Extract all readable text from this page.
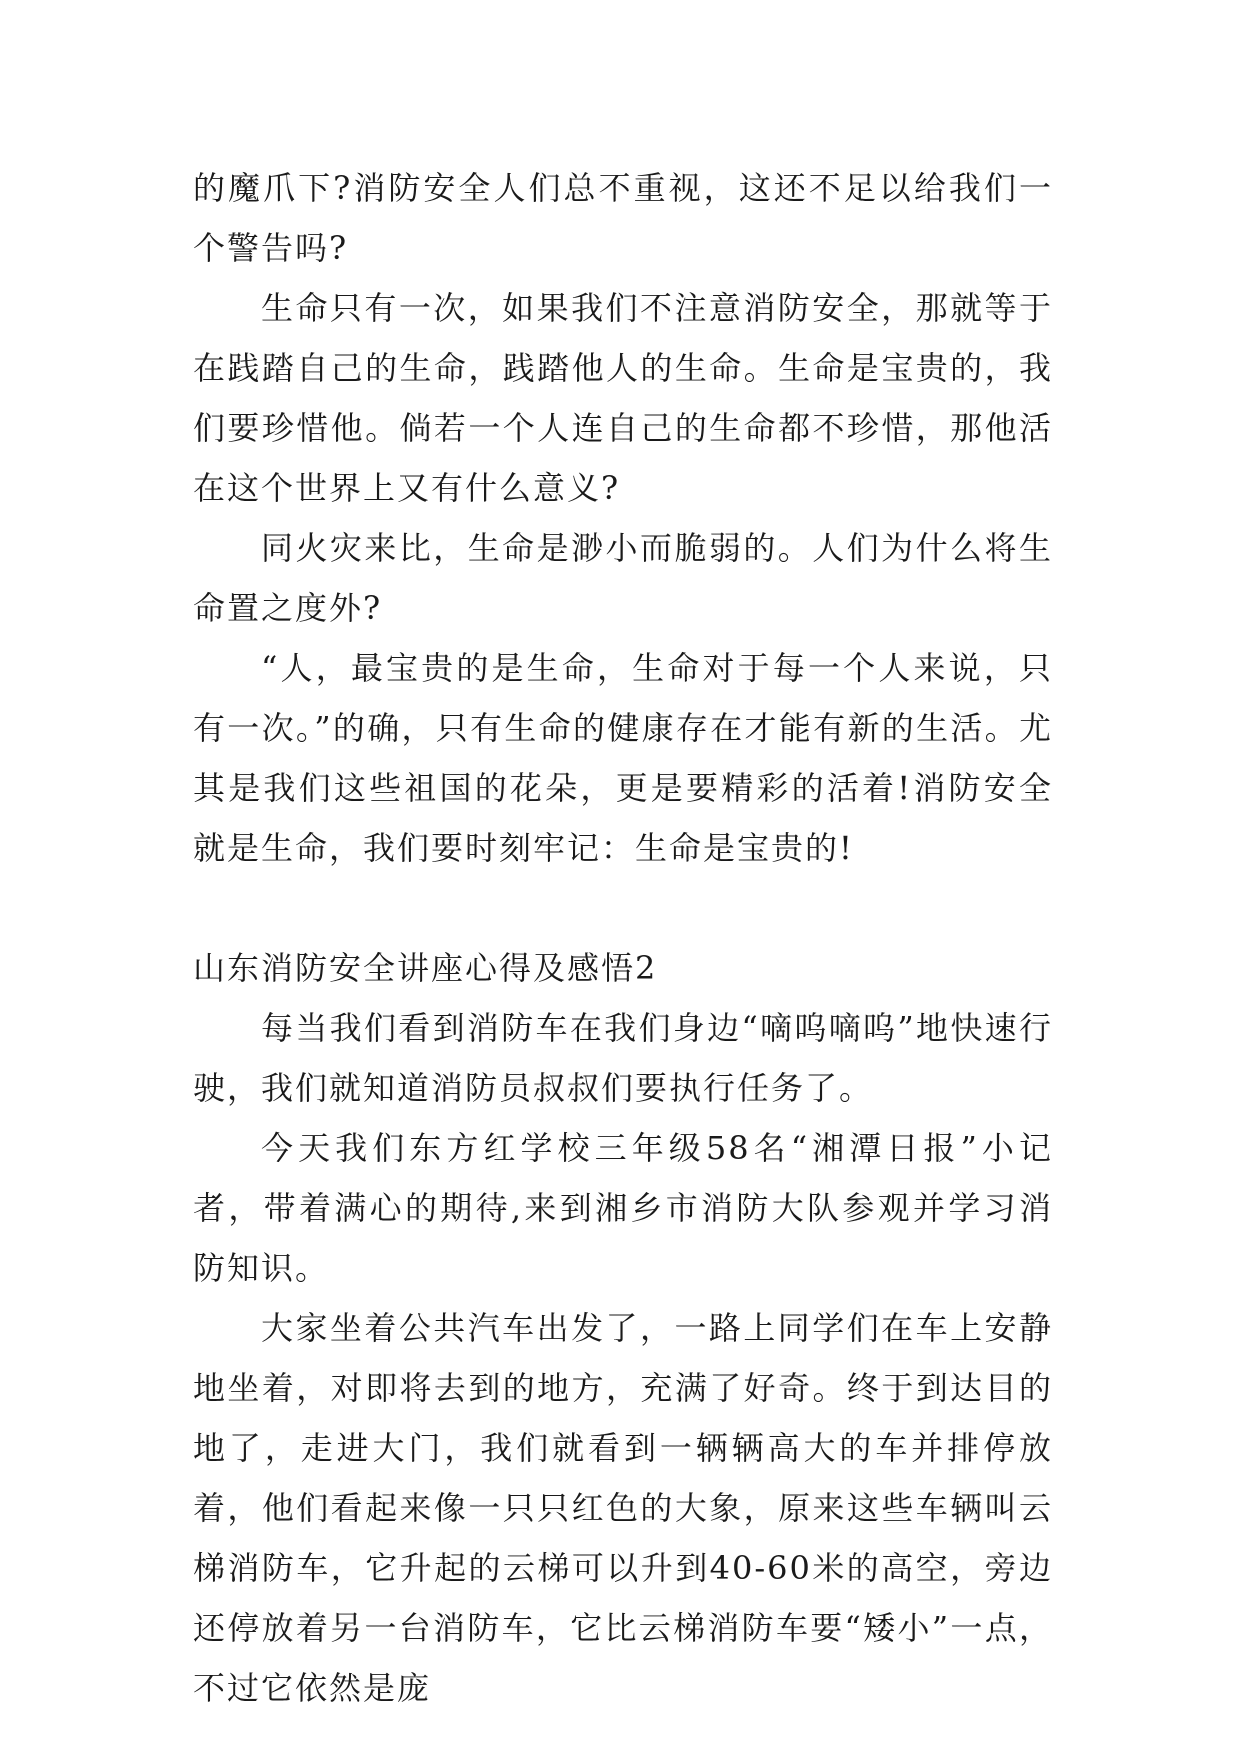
的魔爪下?消防安全人们总不重视，这还不足以给我们一个警告吗?

生命只有一次，如果我们不注意消防安全，那就等于在践踏自己的生命，践踏他人的生命。生命是宝贵的，我们要珍惜他。倘若一个人连自己的生命都不珍惜，那他活在这个世界上又有什么意义?

同火灾来比，生命是渺小而脆弱的。人们为什么将生命置之度外?

“人，最宝贵的是生命，生命对于每一个人来说，只有一次。”的确，只有生命的健康存在才能有新的生活。尤其是我们这些祖国的花朵，更是要精彩的活着!消防安全就是生命，我们要时刻牢记：生命是宝贵的!

山东消防安全讲座心得及感悟2

每当我们看到消防车在我们身边“嘀呜嘀呜”地快速行驶，我们就知道消防员叔叔们要执行任务了。

今天我们东方红学校三年级58名“湘潭日报”小记者，带着满心的期待,来到湘乡市消防大队参观并学习消防知识。

大家坐着公共汽车出发了，一路上同学们在车上安静地坐着，对即将去到的地方，充满了好奇。终于到达目的地了，走进大门，我们就看到一辆辆高大的车并排停放着，他们看起来像一只只红色的大象，原来这些车辆叫云梯消防车，它升起的云梯可以升到40-60米的高空，旁边还停放着另一台消防车，它比云梯消防车要“矮小”一点，不过它依然是庞
